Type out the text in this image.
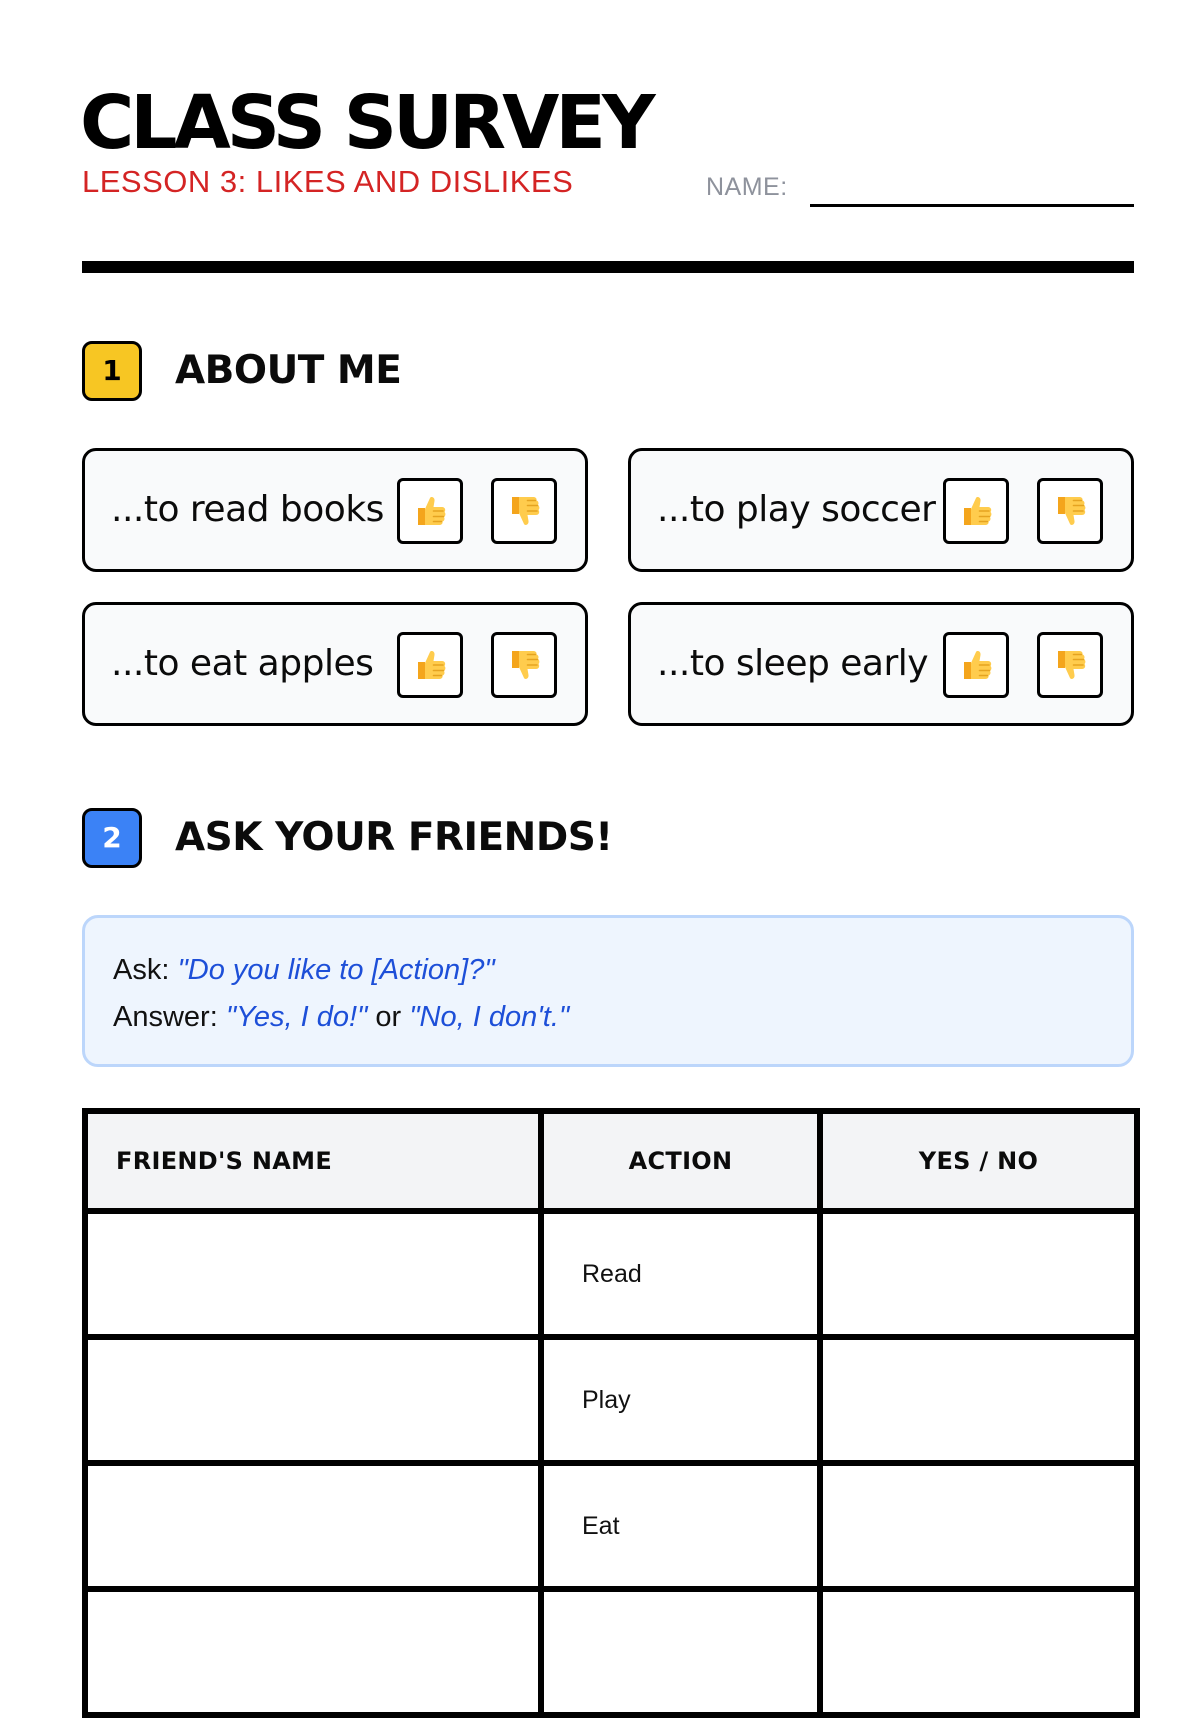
CLASS SURVEY
LESSON 3: LIKES AND DISLIKES	NAME:
1	ABOUT ME
...to read books	...to play soccer
...to eat apples	...to sleep early
2	ASK YOUR FRIENDS!
Ask: "Do you like to [Action]?"
Answer: "Yes, I do!" or "No, I don't."
FRIEND'S NAME	ACTION	YES / NO
	Read	
	Play	
	Eat	
